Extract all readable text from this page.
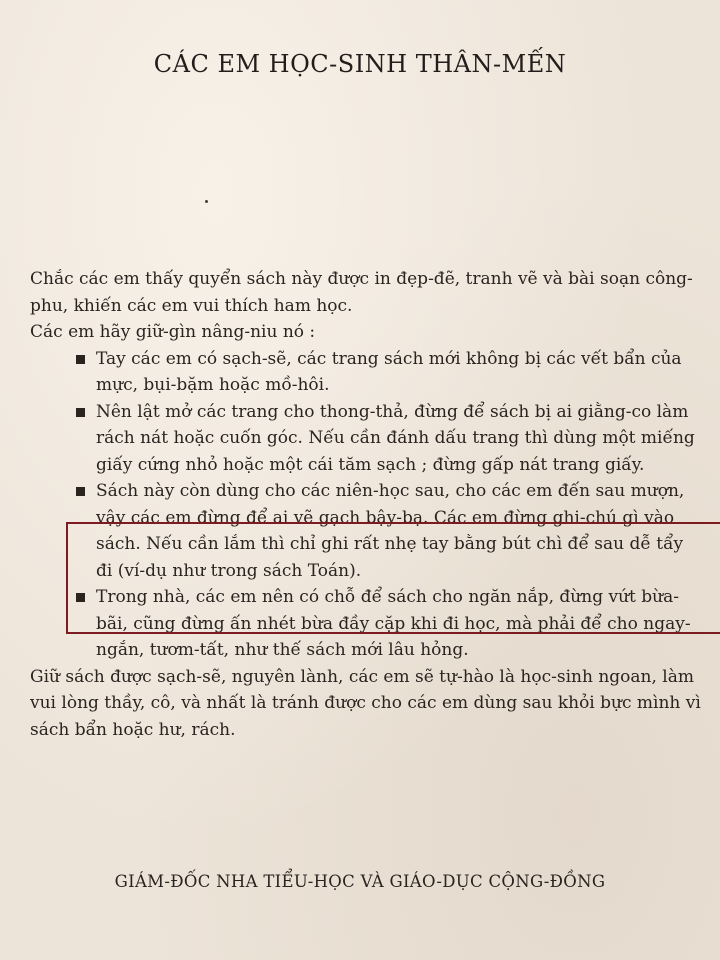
CÁC EM HỌC-SINH THÂN-MẾN

Chắc các em thấy quyển sách này được in đẹp-đẽ, tranh vẽ và bài soạn công-phu, khiến các em vui thích ham học.

Các em hãy giữ-gìn nâng-niu nó :

Tay các em có sạch-sẽ, các trang sách mới không bị các vết bẩn của mực, bụi-bặm hoặc mồ-hôi.
Nên lật mở các trang cho thong-thả, đừng để sách bị ai giằng-co làm rách nát hoặc cuốn góc. Nếu cần đánh dấu trang thì dùng một miếng giấy cứng nhỏ hoặc một cái tăm sạch ; đừng gấp nát trang giấy.
Sách này còn dùng cho các niên-học sau, cho các em đến sau mượn, vậy các em đừng để ai vẽ gạch bậy-bạ. Các em đừng ghi-chú gì vào sách. Nếu cần lắm thì chỉ ghi rất nhẹ tay bằng bút chì để sau dễ tẩy đi (ví-dụ như trong sách Toán).
Trong nhà, các em nên có chỗ để sách cho ngăn nắp, đừng vứt bừa-bãi, cũng đừng ấn nhét bừa đầy cặp khi đi học, mà phải để cho ngay-ngắn, tươm-tất, như thế sách mới lâu hỏng.

Giữ sách được sạch-sẽ, nguyên lành, các em sẽ tự-hào là học-sinh ngoan, làm vui lòng thầy, cô, và nhất là tránh được cho các em dùng sau khỏi bực mình vì sách bẩn hoặc hư, rách.

GIÁM-ĐỐC NHA TIỂU-HỌC VÀ GIÁO-DỤC CỘNG-ĐỒNG
